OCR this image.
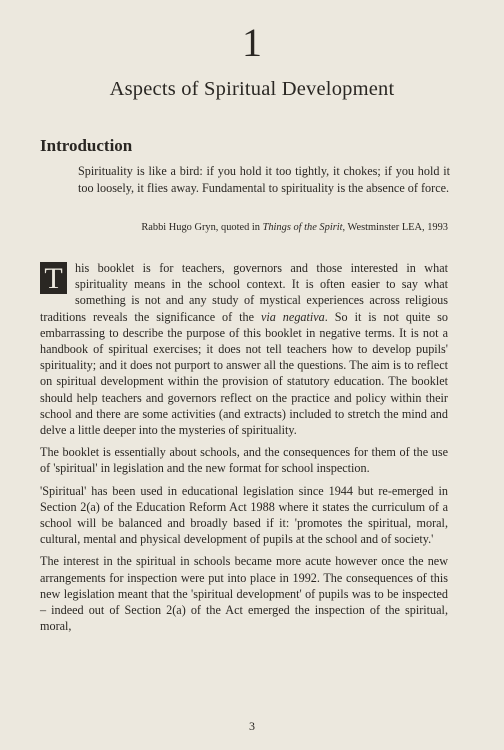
1
Aspects of Spiritual Development
Introduction
Spirituality is like a bird: if you hold it too tightly, it chokes; if you hold it too loosely, it flies away. Fundamental to spirituality is the absence of force.
Rabbi Hugo Gryn, quoted in Things of the Spirit, Westminster LEA, 1993

T	his booklet is for teachers, governors and those interested in what spirituality means in the school context. It is often easier to say what something is not and any study of mystical experiences across religious traditions reveals the significance of the via negativa. So it is not quite so embarrassing to describe the purpose of this booklet in negative terms. It is not a handbook of spiritual exercises; it does not tell teachers how to develop pupils' spirituality; and it does not purport to answer all the questions. The aim is to reflect on spiritual development within the provision of statutory education. The booklet should help teachers and governors reflect on the practice and policy within their school and there are some activities (and extracts) included to stretch the mind and delve a little deeper into the mysteries of spirituality.

The booklet is essentially about schools, and the consequences for them of the use of 'spiritual' in legislation and the new format for school inspection.

'Spiritual' has been used in educational legislation since 1944 but re-emerged in Section 2(a) of the Education Reform Act 1988 where it states the curriculum of a school will be balanced and broadly based if it: 'promotes the spiritual, moral, cultural, mental and physical development of pupils at the school and of society.'

The interest in the spiritual in schools became more acute however once the new arrangements for inspection were put into place in 1992. The consequences of this new legislation meant that the 'spiritual development' of pupils was to be inspected – indeed out of Section 2(a) of the Act emerged the inspection of the spiritual, moral,

3
